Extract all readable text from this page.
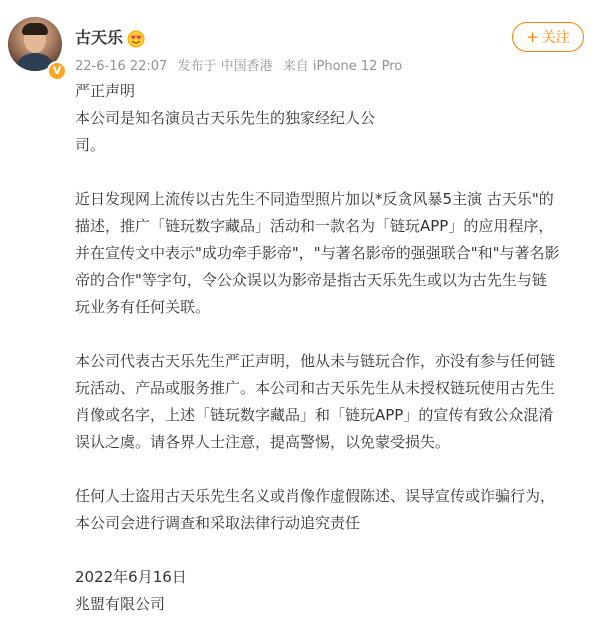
V
古天乐
22-6-16 22:07 发布于 中国香港 来自 iPhone 12 Pro
+ 关注

严正声明

本公司是知名演员古天乐先生的独家经纪人公
司。

近日发现网上流传以古先生不同造型照片加以*反贪风暴5主演 古天乐"的
描述，推广「链玩数字藏品」活动和一款名为「链玩APP」的应用程序，
并在宣传文中表示"成功牵手影帝"，"与著名影帝的强强联合"和"与著名影
帝的合作"等字句，令公众误以为影帝是指古天乐先生或以为古先生与链
玩业务有任何关联。

本公司代表古天乐先生严正声明，他从未与链玩合作，亦没有参与任何链
玩活动、产品或服务推广。本公司和古天乐先生从未授权链玩使用古先生
肖像或名字，上述「链玩数字藏品」和「链玩APP」的宣传有致公众混淆
误认之虞。请各界人士注意，提高警惕，以免蒙受损失。

任何人士盗用古天乐先生名义或肖像作虚假陈述、误导宣传或诈骗行为，
本公司会进行调查和采取法律行动追究责任

2022年6月16日

兆盟有限公司
